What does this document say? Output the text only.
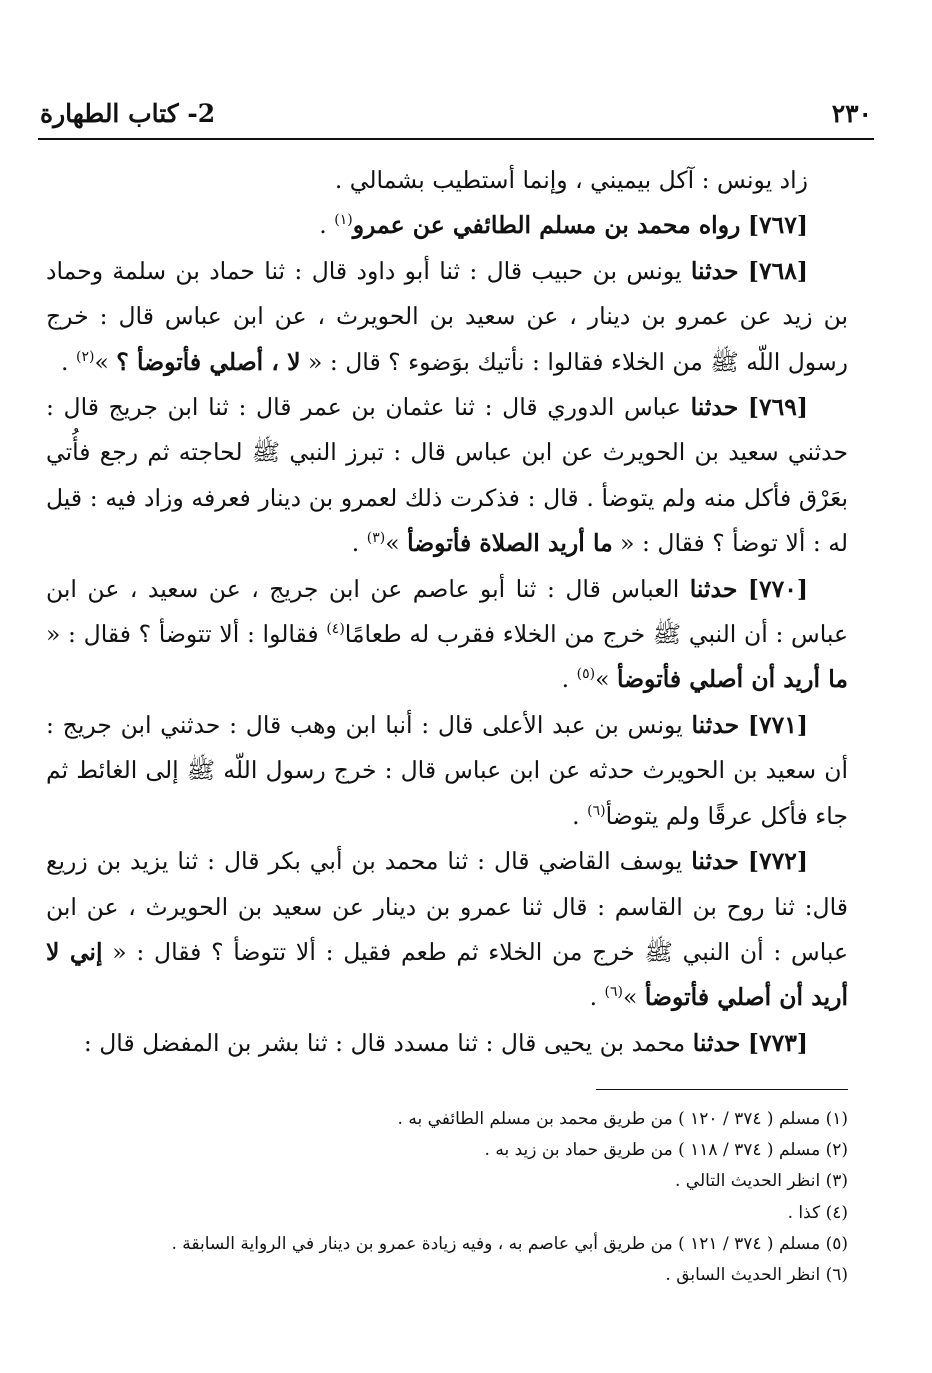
٢٣٠
2- كتاب الطهارة

زاد يونس : آكل بيميني ، وإنما أستطيب بشمالي .

[٧٦٧] رواه محمد بن مسلم الطائفي عن عمرو$^{(١)}$ .

[٧٦٨] حدثنا يونس بن حبيب قال : ثنا أبو داود قال : ثنا حماد بن سلمة وحماد بن زيد عن عمرو بن دينار ، عن سعيد بن الحويرث ، عن ابن عباس قال : خرج رسول اللّه ﷺ من الخلاء فقالوا : نأتيك بوَضوء ؟ قال : « لا ، أصلي فأتوضأ ؟ »$^{(٢)}$ .

[٧٦٩] حدثنا عباس الدوري قال : ثنا عثمان بن عمر قال : ثنا ابن جريج قال : حدثني سعيد بن الحويرث عن ابن عباس قال : تبرز النبي ﷺ لحاجته ثم رجع فأُتي بعَرْق فأكل منه ولم يتوضأ . قال : فذكرت ذلك لعمرو بن دينار فعرفه وزاد فيه : قيل له : ألا توضأ ؟ فقال : « ما أريد الصلاة فأتوضأ »$^{(٣)}$ .

[٧٧٠] حدثنا العباس قال : ثنا أبو عاصم عن ابن جريج ، عن سعيد ، عن ابن عباس : أن النبي ﷺ خرج من الخلاء فقرب له طعامًا$^{(٤)}$ فقالوا : ألا تتوضأ ؟ فقال : « ما أريد أن أصلي فأتوضأ »$^{(٥)}$ .

[٧٧١] حدثنا يونس بن عبد الأعلى قال : أنبا ابن وهب قال : حدثني ابن جريج : أن سعيد بن الحويرث حدثه عن ابن عباس قال : خرج رسول اللّه ﷺ إلى الغائط ثم جاء فأكل عرقًا ولم يتوضأ$^{(٦)}$ .

[٧٧٢] حدثنا يوسف القاضي قال : ثنا محمد بن أبي بكر قال : ثنا يزيد بن زريع قال: ثنا روح بن القاسم : قال ثنا عمرو بن دينار عن سعيد بن الحويرث ، عن ابن عباس : أن النبي ﷺ خرج من الخلاء ثم طعم فقيل : ألا تتوضأ ؟ فقال : « إني لا أريد أن أصلي فأتوضأ »$^{(٦)}$ .

[٧٧٣] حدثنا محمد بن يحيى قال : ثنا مسدد قال : ثنا بشر بن المفضل قال :

(١) مسلم ( ٣٧٤ / ١٢٠ ) من طريق محمد بن مسلم الطائفي به .
(٢) مسلم ( ٣٧٤ / ١١٨ ) من طريق حماد بن زيد به .
(٣) انظر الحديث التالي .
(٤) كذا .
(٥) مسلم ( ٣٧٤ / ١٢١ ) من طريق أبي عاصم به ، وفيه زيادة عمرو بن دينار في الرواية السابقة .
(٦) انظر الحديث السابق .
